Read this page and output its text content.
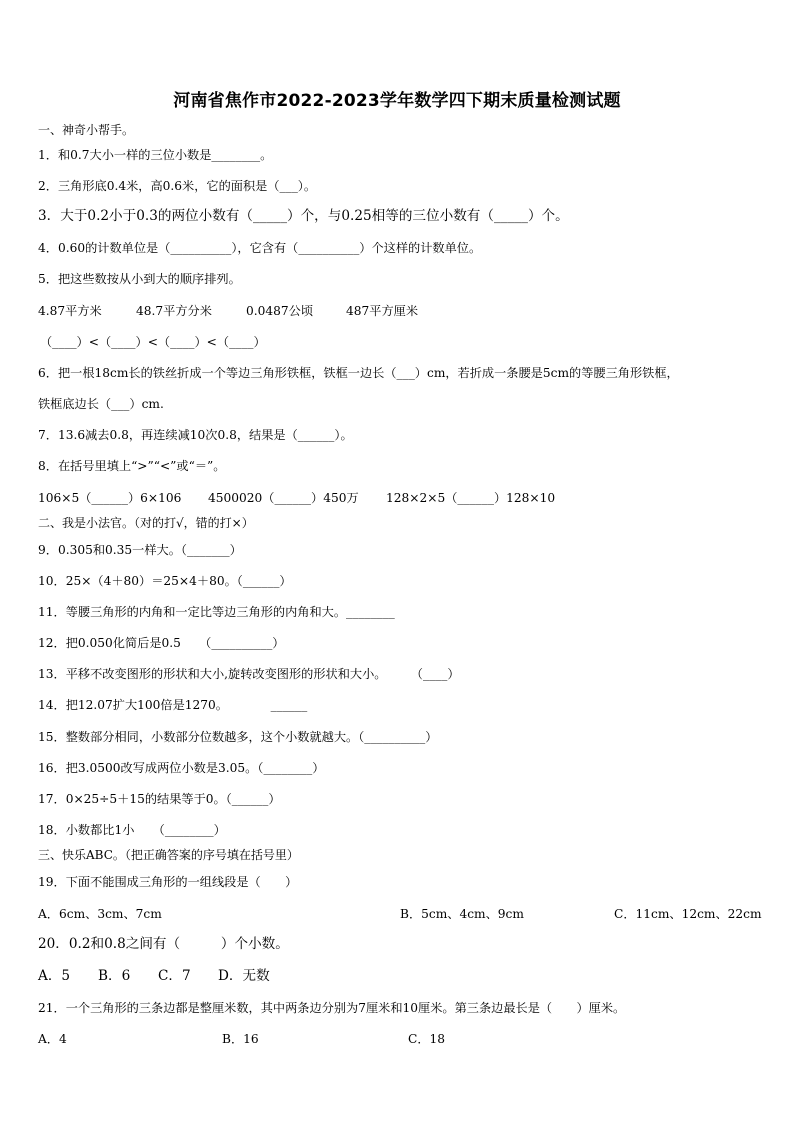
河南省焦作市2022-2023学年数学四下期末质量检测试题
一、神奇小帮手。
1．和0.7大小一样的三位小数是________。
2．三角形底0.4米，高0.6米，它的面积是（___）。
3．大于0.2小于0.3的两位小数有（_____）个，与0.25相等的三位小数有（_____）个。
4．0.60的计数单位是（__________），它含有（__________）个这样的计数单位。
5．把这些数按从小到大的顺序排列。
4.87平方米	48.7平方分米	0.0487公顷	487平方厘米
（____）<（____）<（____）<（____）
6．把一根18cm长的铁丝折成一个等边三角形铁框，铁框一边长（___）cm，若折成一条腰是5cm的等腰三角形铁框，
铁框底边长（___）cm.
7．13.6减去0.8，再连续减10次0.8，结果是（______）。
8．在括号里填上“>”“<”或“＝”。
106×5（______）6×106 4500020（______）450万 128×2×5（______）128×10
二、我是小法官。（对的打√，错的打×）
9．0.305和0.35一样大。（_______）
10．25×（4＋80）＝25×4＋80。（______）
11．等腰三角形的内角和一定比等边三角形的内角和大。________
12．把0.050化简后是0.5　　（__________）
13．平移不改变图形的形状和大小,旋转改变图形的形状和大小。　　　（____）
14．把12.07扩大100倍是1270。　　　　______
15．整数部分相同，小数部分位数越多，这个小数就越大。（__________）
16．把3.0500改写成两位小数是3.05。（________）
17．0×25÷5＋15的结果等于0。（______）
18．小数都比1小　　（________）
三、快乐ABC。（把正确答案的序号填在括号里）
19．下面不能围成三角形的一组线段是（　　）
A．6cm、3cm、7cm	B．5cm、4cm、9cm	C．11cm、12cm、22cm
20．0.2和0.8之间有（　　　）个小数。
A．5 B．6 C．7 D．无数
21．一个三角形的三条边都是整厘米数，其中两条边分别为7厘米和10厘米。第三条边最长是（　　）厘米。
A．4	B．16	C．18
